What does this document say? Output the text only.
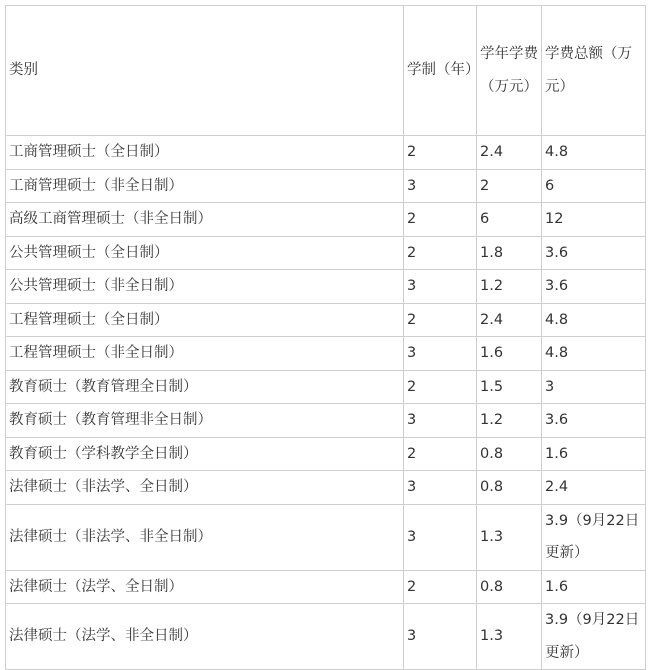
类别	学制（年）	学年学费（万元）	学费总额（万元）
工商管理硕士（全日制）	2	2.4	4.8
工商管理硕士（非全日制）	3	2	6
高级工商管理硕士（非全日制）	2	6	12
公共管理硕士（全日制）	2	1.8	3.6
公共管理硕士（非全日制）	3	1.2	3.6
工程管理硕士（全日制）	2	2.4	4.8
工程管理硕士（非全日制）	3	1.6	4.8
教育硕士（教育管理全日制）	2	1.5	3
教育硕士（教育管理非全日制）	3	1.2	3.6
教育硕士（学科教学全日制）	2	0.8	1.6
法律硕士（非法学、全日制）	3	0.8	2.4
法律硕士（非法学、非全日制）	3	1.3	3.9（9月22日更新）
法律硕士（法学、全日制）	2	0.8	1.6
法律硕士（法学、非全日制）	3	1.3	3.9（9月22日更新）
